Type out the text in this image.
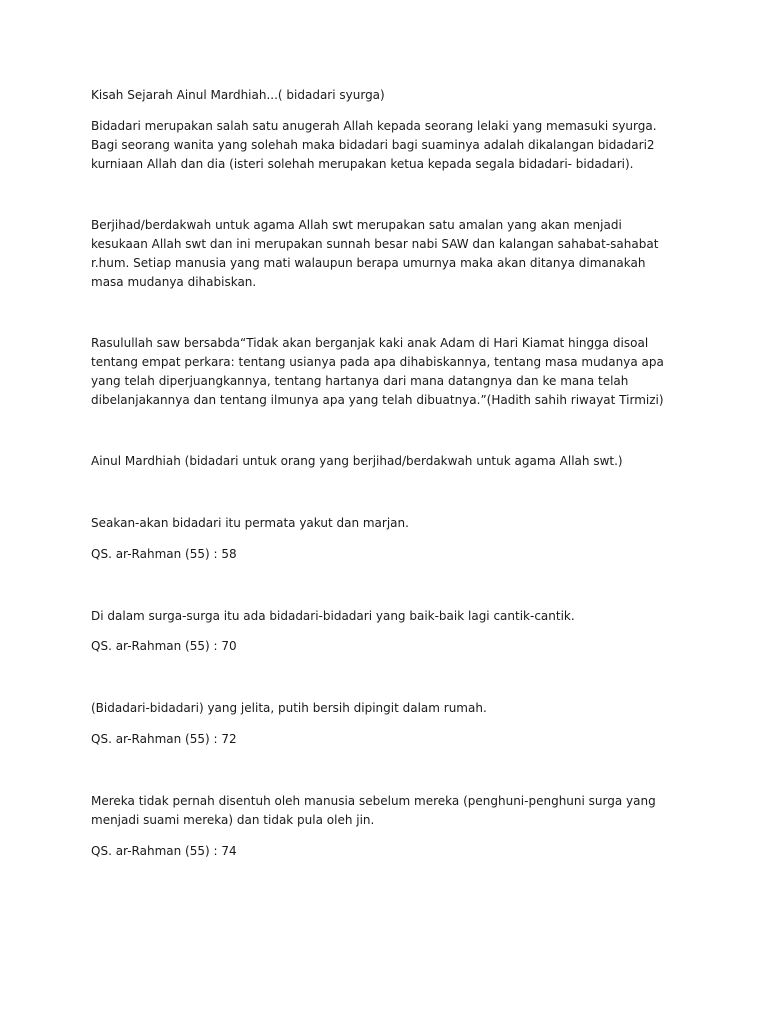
Kisah Sejarah Ainul Mardhiah...( bidadari syurga)

Bidadari merupakan salah satu anugerah Allah kepada seorang lelaki yang memasuki syurga. Bagi seorang wanita yang solehah maka bidadari bagi suaminya adalah dikalangan bidadari2 kurniaan Allah dan dia (isteri solehah merupakan ketua kepada segala bidadari- bidadari).

Berjihad/berdakwah untuk agama Allah swt merupakan satu amalan yang akan menjadi kesukaan Allah swt dan ini merupakan sunnah besar nabi SAW dan kalangan sahabat-sahabat r.hum. Setiap manusia yang mati walaupun berapa umurnya maka akan ditanya dimanakah masa mudanya dihabiskan.

Rasulullah saw bersabda“Tidak akan berganjak kaki anak Adam di Hari Kiamat hingga disoal tentang empat perkara: tentang usianya pada apa dihabiskannya, tentang masa mudanya apa yang telah diperjuangkannya, tentang hartanya dari mana datangnya dan ke mana telah dibelanjakannya dan tentang ilmunya apa yang telah dibuatnya.”(Hadith sahih riwayat Tirmizi)

Ainul Mardhiah (bidadari untuk orang yang berjihad/berdakwah untuk agama Allah swt.)

Seakan-akan bidadari itu permata yakut dan marjan.

QS. ar-Rahman (55) : 58

Di dalam surga-surga itu ada bidadari-bidadari yang baik-baik lagi cantik-cantik.

QS. ar-Rahman (55) : 70

(Bidadari-bidadari) yang jelita, putih bersih dipingit dalam rumah.

QS. ar-Rahman (55) : 72

Mereka tidak pernah disentuh oleh manusia sebelum mereka (penghuni-penghuni surga yang menjadi suami mereka) dan tidak pula oleh jin.

QS. ar-Rahman (55) : 74
